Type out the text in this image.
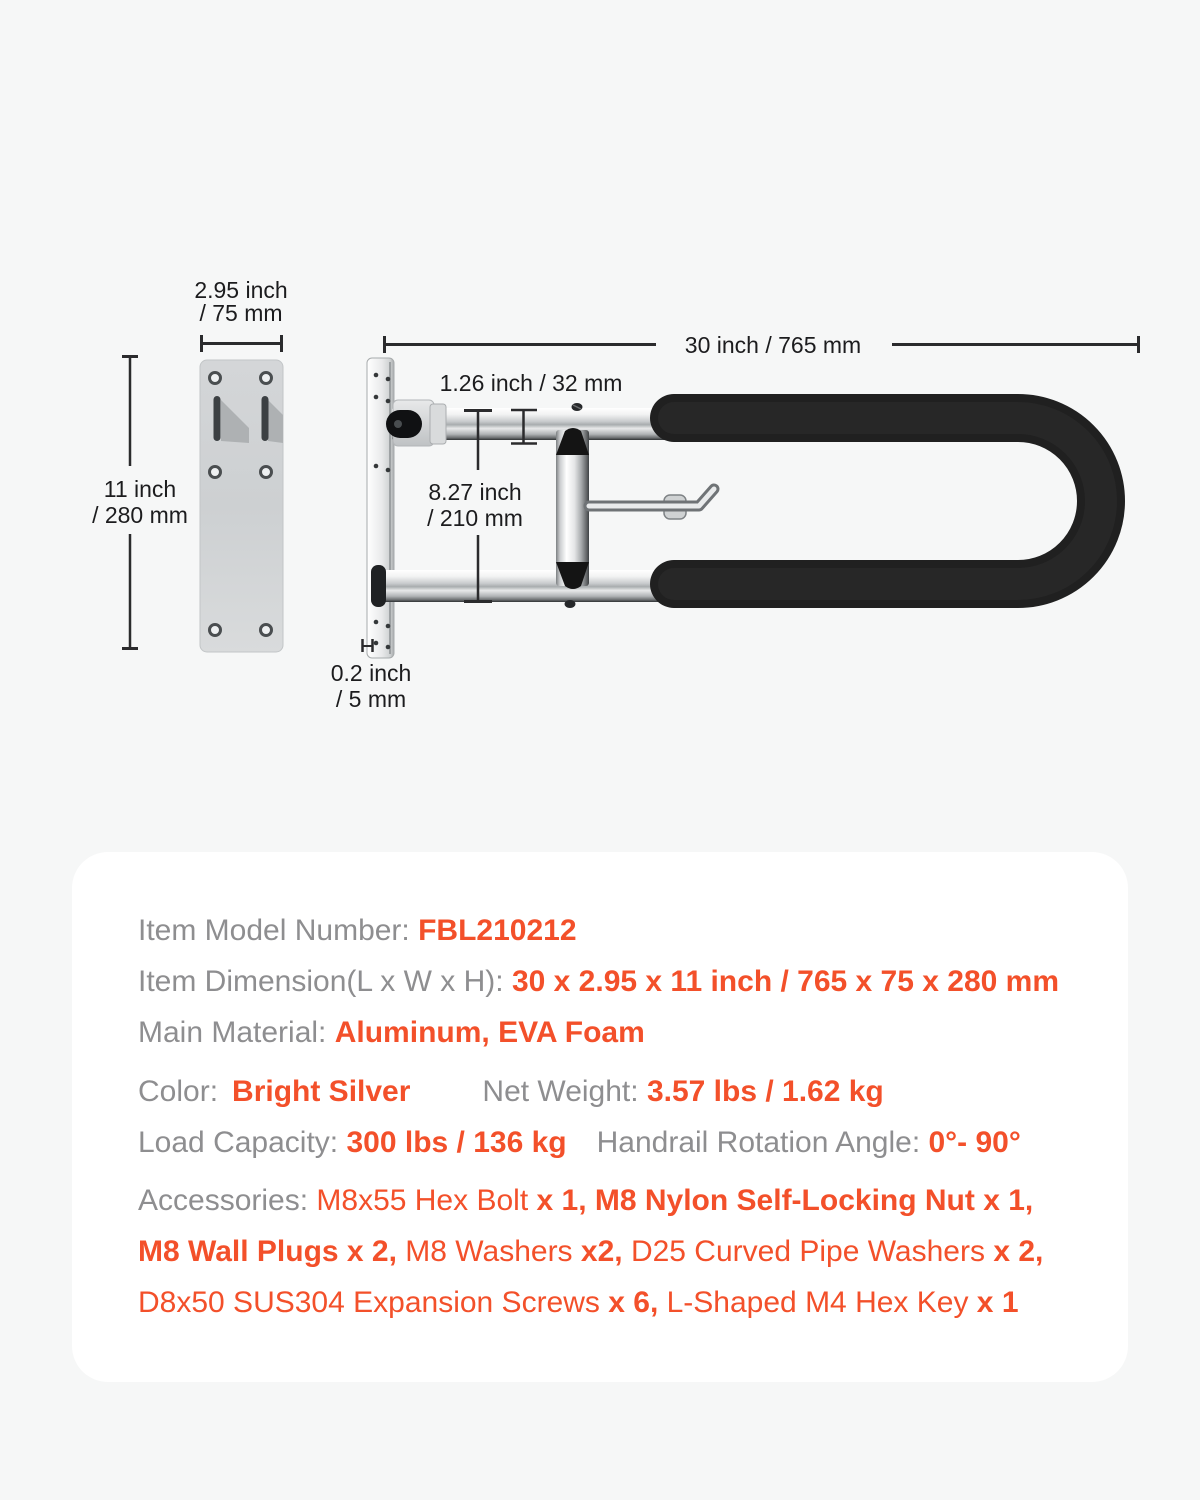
2.95 inch
/ 75 mm
11 inch
/ 280 mm
30 inch / 765 mm
1.26 inch / 32 mm
8.27 inch
/ 210 mm
0.2 inch
/ 5 mm
Item Model Number: FBL210212
Item Dimension(L x W x H): 30 x 2.95 x 11 inch / 765 x 75 x 280 mm
Main Material: Aluminum, EVA Foam
Color: Bright Silver Net Weight: 3.57 lbs / 1.62 kg
Load Capacity: 300 lbs / 136 kg Handrail Rotation Angle: 0°- 90°
Accessories: M8x55 Hex Bolt x 1, M8 Nylon Self-Locking Nut x 1,
M8 Wall Plugs x 2, M8 Washers x2, D25 Curved Pipe Washers x 2,
D8x50 SUS304 Expansion Screws x 6, L-Shaped M4 Hex Key x 1
